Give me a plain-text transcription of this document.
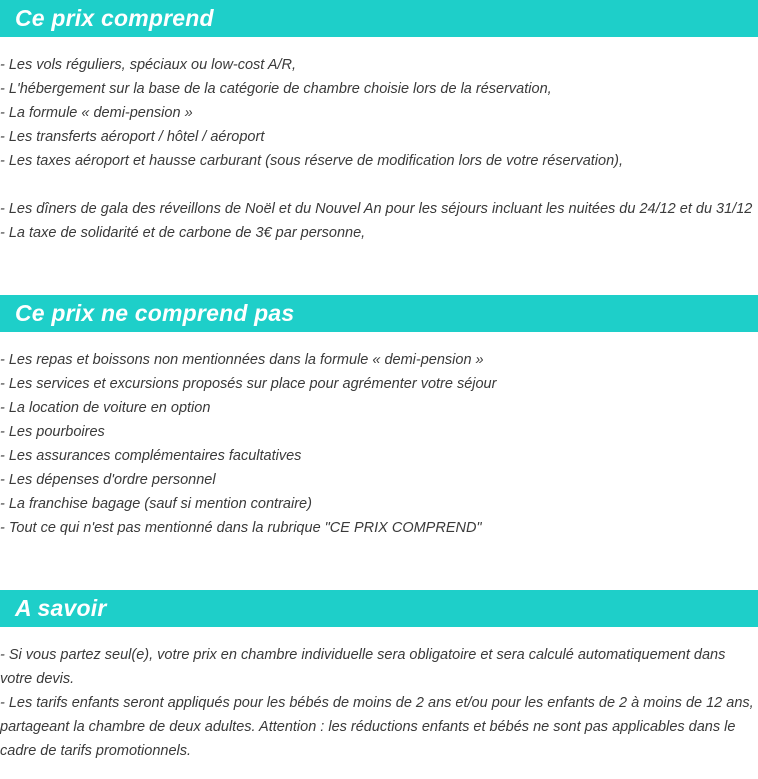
Ce prix comprend

- Les vols réguliers, spéciaux ou low-cost A/R,

- L'hébergement sur la base de la catégorie de chambre choisie lors de la réservation,

- La formule « demi-pension »

- Les transferts aéroport / hôtel / aéroport

- Les taxes aéroport et hausse carburant (sous réserve de modification lors de votre réservation),

- Les dîners de gala des réveillons de Noël et du Nouvel An pour les séjours incluant les nuitées du 24/12 et du 31/12

- La taxe de solidarité et de carbone de 3€ par personne,

Ce prix ne comprend pas

- Les repas et boissons non mentionnées dans la formule « demi-pension »

- Les services et excursions proposés sur place pour agrémenter votre séjour

- La location de voiture en option

- Les pourboires

- Les assurances complémentaires facultatives

- Les dépenses d'ordre personnel

- La franchise bagage (sauf si mention contraire)

- Tout ce qui n'est pas mentionné dans la rubrique "CE PRIX COMPREND"

A savoir

- Si vous partez seul(e), votre prix en chambre individuelle sera obligatoire et sera calculé automatiquement dans votre devis.

- Les tarifs enfants seront appliqués pour les bébés de moins de 2 ans et/ou pour les enfants de 2 à moins de 12 ans, partageant la chambre de deux adultes. Attention : les réductions enfants et bébés ne sont pas applicables dans le cadre de tarifs promotionnels.
